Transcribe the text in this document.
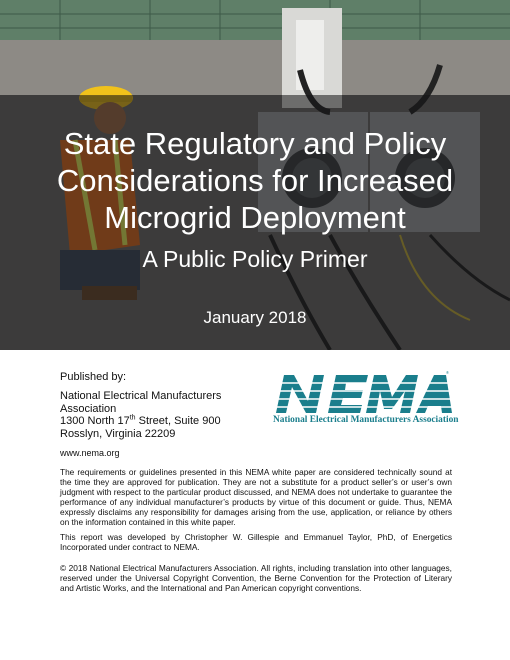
State Regulatory and Policy
Considerations for Increased
Microgrid Deployment
A Public Policy Primer
January 2018
Published by:
National Electrical Manufacturers
Association
1300 North 17th Street, Suite 900
Rosslyn, Virginia 22209
®
National Electrical Manufacturers Association
www.nema.org

The requirements or guidelines presented in this NEMA white paper are considered technically sound at the time they are approved for publication. They are not a substitute for a product seller’s or user’s own judgment with respect to the particular product discussed, and NEMA does not undertake to guarantee the performance of any individual manufacturer’s products by virtue of this document or guide. Thus, NEMA expressly disclaims any responsibility for damages arising from the use, application, or reliance by others on the information contained in this white paper.

This report was developed by Christopher W. Gillespie and Emmanuel Taylor, PhD, of Energetics Incorporated under contract to NEMA.

© 2018 National Electrical Manufacturers Association. All rights, including translation into other languages, reserved under the Universal Copyright Convention, the Berne Convention for the Protection of Literary and Artistic Works, and the International and Pan American copyright conventions.
